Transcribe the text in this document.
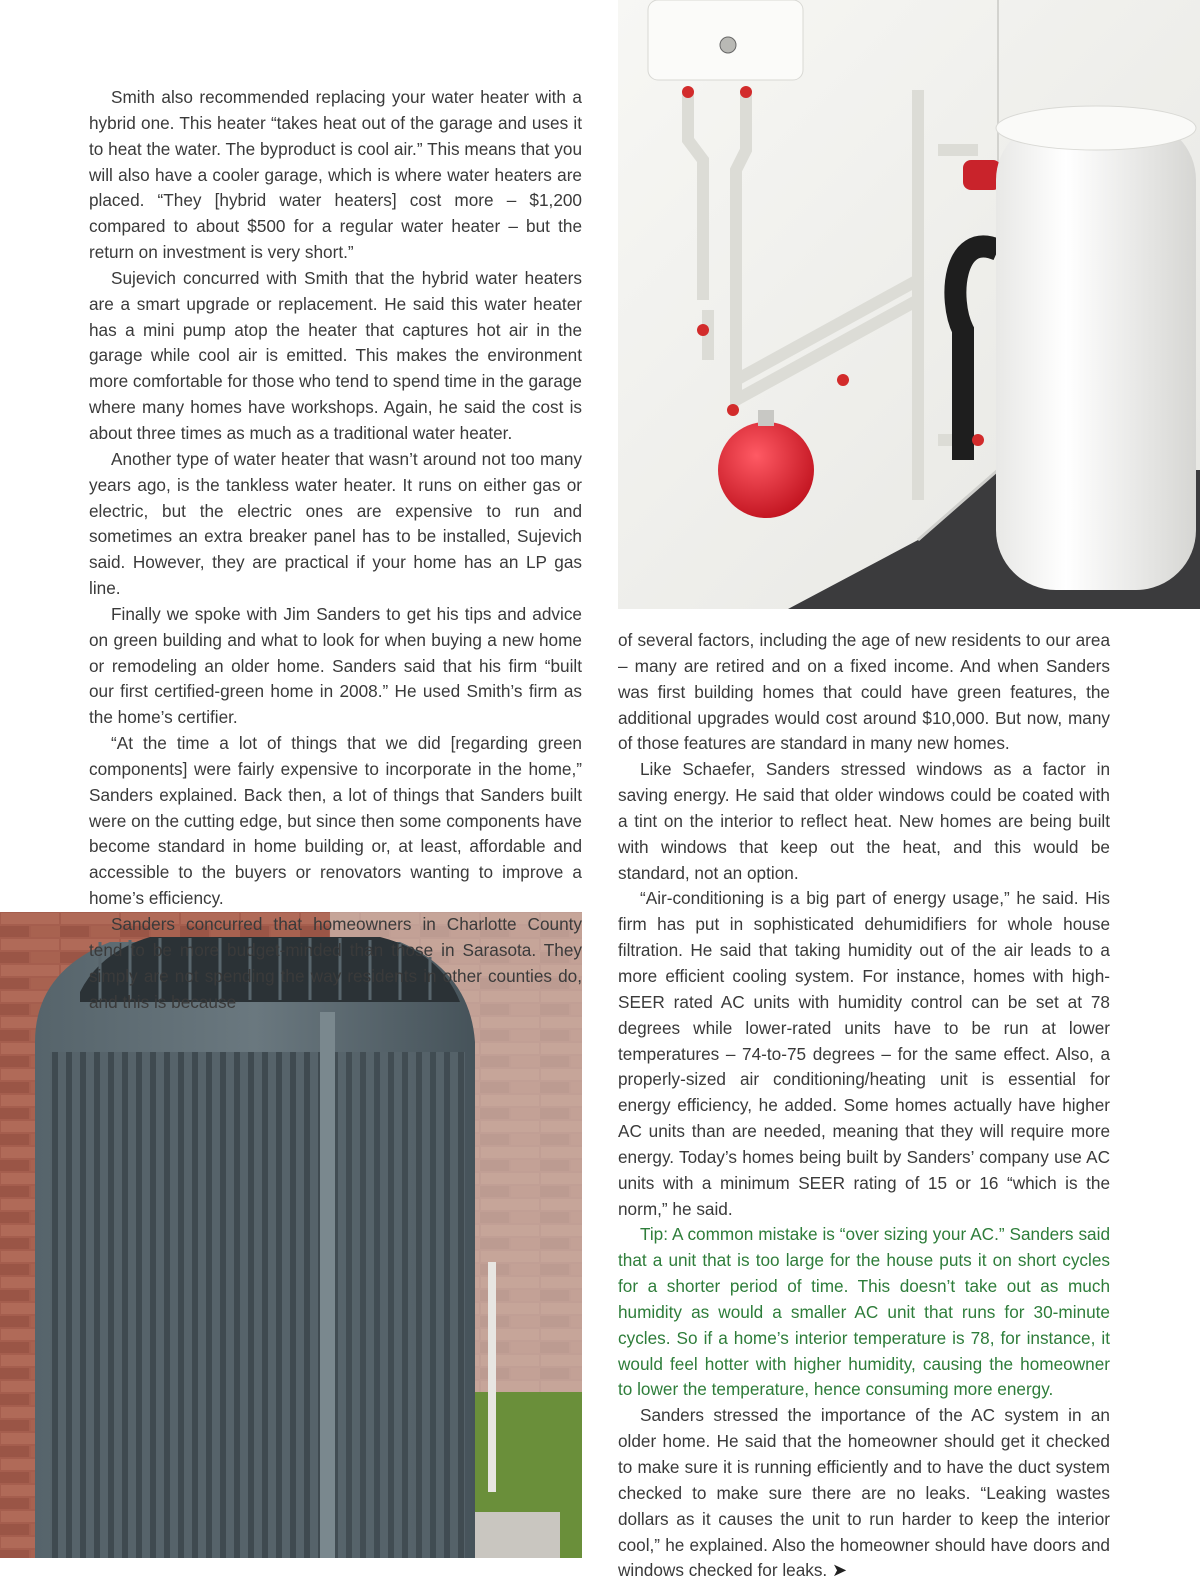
Smith also recommended replacing your water heater with a hybrid one. This heater “takes heat out of the garage and uses it to heat the water. The byproduct is cool air.” This means that you will also have a cooler garage, which is where water heaters are placed. “They [hybrid water heaters] cost more – $1,200 compared to about $500 for a regular water heater – but the return on investment is very short.”

Sujevich concurred with Smith that the hybrid water heaters are a smart upgrade or replacement. He said this water heater has a mini pump atop the heater that captures hot air in the garage while cool air is emitted. This makes the environment more comfortable for those who tend to spend time in the garage where many homes have workshops. Again, he said the cost is about three times as much as a traditional water heater.

Another type of water heater that wasn’t around not too many years ago, is the tankless water heater. It runs on either gas or electric, but the electric ones are expensive to run and sometimes an extra breaker panel has to be installed, Sujevich said. However, they are practical if your home has an LP gas line.

Finally we spoke with Jim Sanders to get his tips and advice on green building and what to look for when buying a new home or remodeling an older home. Sanders said that his firm “built our first certified-green home in 2008.” He used Smith’s firm as the home’s certifier.

“At the time a lot of things that we did [regarding green components] were fairly expensive to incorporate in the home,” Sanders explained. Back then, a lot of things that Sanders built were on the cutting edge, but since then some components have become standard in home building or, at least, affordable and accessible to the buyers or renovators wanting to improve a home’s efficiency.

Sanders concurred that homeowners in Charlotte County tend to be more budget-minded than those in Sarasota. They simply are not spending the way residents in other counties do, and this is because

of several factors, including the age of new residents to our area – many are retired and on a fixed income. And when Sanders was first building homes that could have green features, the additional upgrades would cost around $10,000. But now, many of those features are standard in many new homes.

Like Schaefer, Sanders stressed windows as a factor in saving energy. He said that older windows could be coated with a tint on the interior to reflect heat. New homes are being built with windows that keep out the heat, and this would be standard, not an option.

“Air-conditioning is a big part of energy usage,” he said. His firm has put in sophisticated dehumidifiers for whole house filtration. He said that taking humidity out of the air leads to a more efficient cooling system. For instance, homes with high-SEER rated AC units with humidity control can be set at 78 degrees while lower-rated units have to be run at lower temperatures – 74-to-75 degrees – for the same effect. Also, a properly-sized air conditioning/heating unit is essential for energy efficiency, he added. Some homes actually have higher AC units than are needed, meaning that they will require more energy. Today’s homes being built by Sanders’ company use AC units with a minimum SEER rating of 15 or 16 “which is the norm,” he said.

Tip: A common mistake is “over sizing your AC.” Sanders said that a unit that is too large for the house puts it on short cycles for a shorter period of time. This doesn’t take out as much humidity as would a smaller AC unit that runs for 30-minute cycles. So if a home’s interior temperature is 78, for instance, it would feel hotter with higher humidity, causing the homeowner to lower the temperature, hence consuming more energy.

Sanders stressed the importance of the AC system in an older home. He said that the homeowner should get it checked to make sure it is running efficiently and to have the duct system checked to make sure there are no leaks. “Leaking wastes dollars as it causes the unit to run harder to keep the interior cool,” he explained. Also the homeowner should have doors and windows checked for leaks. ➤
